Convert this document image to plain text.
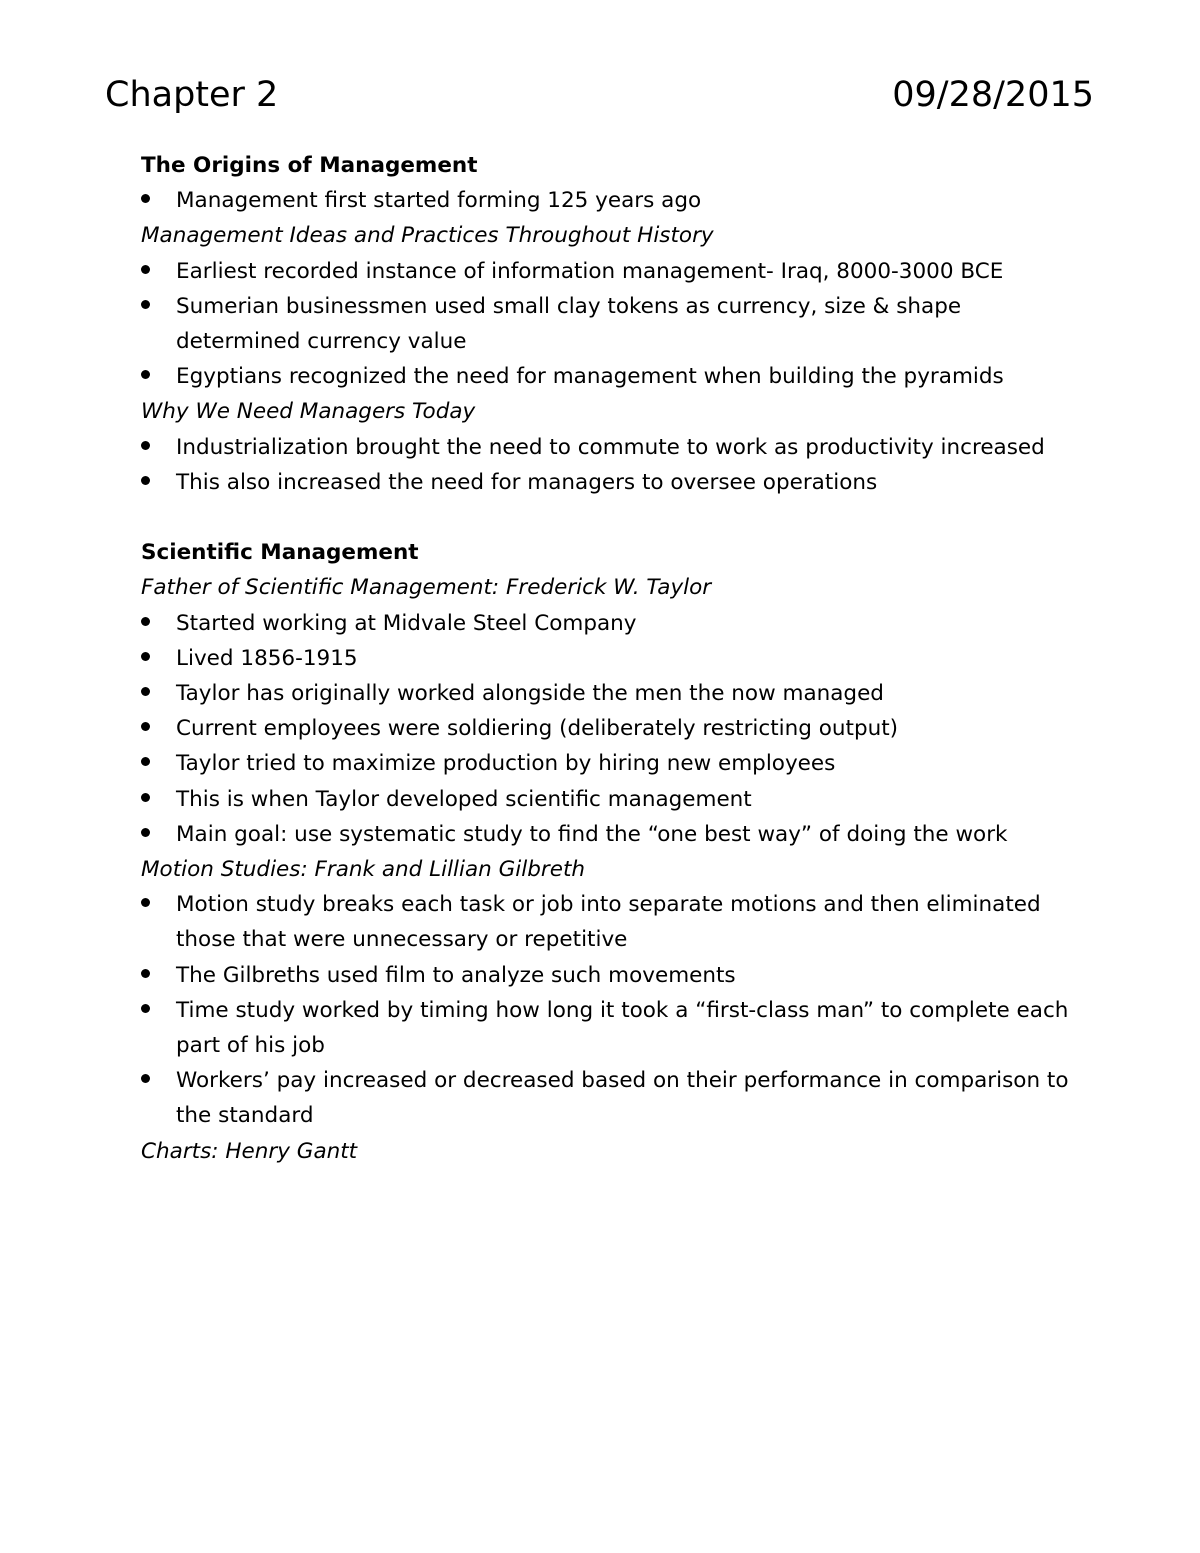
Chapter 2	09/28/2015
The Origins of Management
Management first started forming 125 years ago
Management Ideas and Practices Throughout History
Earliest recorded instance of information management- Iraq, 8000-3000 BCE
Sumerian businessmen used small clay tokens as currency, size & shape determined currency value
Egyptians recognized the need for management when building the pyramids
Why We Need Managers Today
Industrialization brought the need to commute to work as productivity increased
This also increased the need for managers to oversee operations
Scientific Management
Father of Scientific Management: Frederick W. Taylor
Started working at Midvale Steel Company
Lived 1856-1915
Taylor has originally worked alongside the men the now managed
Current employees were soldiering (deliberately restricting output)
Taylor tried to maximize production by hiring new employees
This is when Taylor developed scientific management
Main goal: use systematic study to find the “one best way” of doing the work
Motion Studies: Frank and Lillian Gilbreth
Motion study breaks each task or job into separate motions and then eliminated those that were unnecessary or repetitive
The Gilbreths used film to analyze such movements
Time study worked by timing how long it took a “first-class man” to complete each part of his job
Workers’ pay increased or decreased based on their performance in comparison to the standard
Charts: Henry Gantt
